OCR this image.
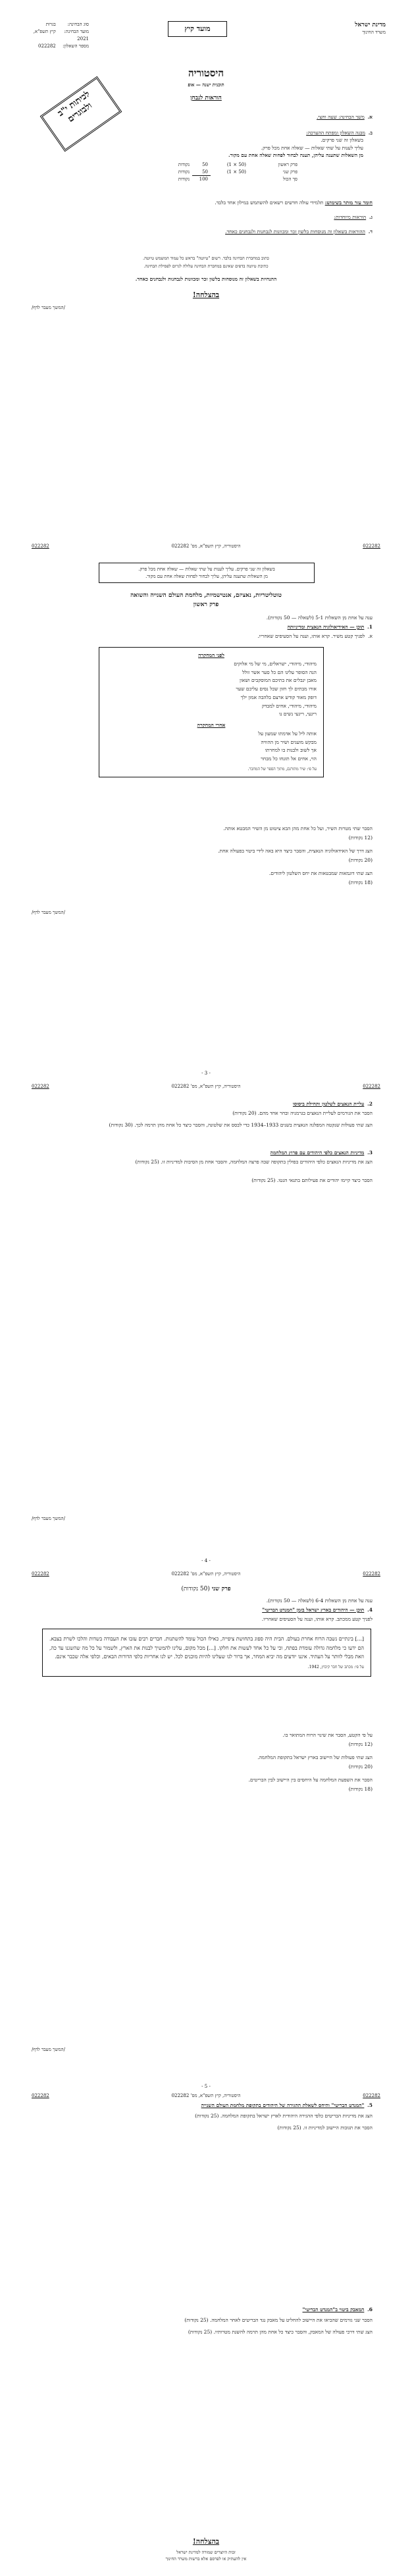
מדינת ישראל
משרד החינוך
מועד קיץ
סוג הבחינה: בגרות
מועד הבחינה: קיץ תשפ"א, 2021
מספר השאלון: 022282
לכיתות י"ב ולבוגרים
היסטוריה
תוכנית ישנה — אופ
הוראות לנבחן
א.  משך הבחינה: שעה וחצי.
ב.  מבנה השאלון ומפתח ההערכה:
בשאלון זה שני פרקים.
עליך לענות על שתי שאלות — שאלה אחת מכל פרק.
מן השאלות שתענה עליהן, תענה לבחור לפחות שאלה אחת עם מקור.
פרק ראשון	(50 × 1)	50	נקודות
פרק שני	(50 × 1)	50	נקודות
סך הכול		100	נקודות
חומר עזר מותר בשימוש: תלמידי עולה חדשים רשאים להשתמש במילון אחד בלבד.
ג.  הוראות מיוחדות:
ד.  ההוראות בשאלון זה מנוסחות בלשון זכר ומכוונות לנבחנות ולנבחנים כאחד.
כתוב במחברת הבחינה בלבד. רשום "טיוטה" בראש כל עמוד המשמש טיוטה.
כתיבת טיוטה בדפים שאינם במחברת הבחינה עלולה לגרום לפסילת הבחינה.
ההנחיות בשאלון זה מנוסחות בלשון זכר ומכוונות לנבחנות ולנבחנים כאחד.
בהצלחה!
/המשך מעבר לדף/
022282	היסטוריה, קיץ תשפ"א, מס' 022282	022282
בשאלון זה שני פרקים. עליך לענות על שתי שאלות — שאלה אחת מכל פרק.
מן השאלות שתענה עליהן, עליך לבחור לפחות שאלה אחת עם מקור.
טוטליטריות, נאציזם, אנטישמיות, מלחמת העולם השנייה והשואה
פרק ראשון
ענה על אחת מן השאלות 5-1 (לשאלה — 50 נקודות).
1.  תוכן — האידיאולוגיה הנאצית ומדיניותה
א.  לפניך קטע משיר. קרא אותו, וענה על הסעיפים שאחריו.
לפני המחקרה
מיהודי, מיהודי, ישראלים, מי של מי אלוקים
הנה הסופר עלינו הם כל סער אשר זולל
מאבן יגבלים את בתיכם המוסקבים ושאון
אורו מבתים לך חזון שכל נסים עליכם שער
דופק מאוד קודש ארצם בלהבה אמון ילך
מיהודי, מיהודי, אחים למבדק
ריגעי, ריגעי נשים נו
אחרי המחקרה
אותה ליל על אדמתו שמעון על
מבקש מועגים ושיר מן ההוויה
אך לשוב ולבנות בו למחרתו
הוי, אחים אל תזנחו כל מבחר
על פי: שיר מתורגם, מתוך הספר של המחבר.
הסבר שתי מטרות השיר, ועל כל אחת מהן הבא ציטוט מן השיר המבטא אותה.
(12 נקודות)
הצג דרך של האידאולוגיה הנאצית, והסבר כיצד היא באה לידי ביטוי בפעולה אחת.
(20 נקודות)
הצג שתי דוגמאות שמבטאות את יחס השלטון ליהודים.
(18 נקודות)
/המשך מעבר לדף/
022282	היסטוריה, קיץ תשפ"א, מס' 022282	022282
- 3 -
2.  עליית הנאצים לשלטון ותחילת ביסוסו
הסבר את הגורמים לעליית הנאצים בגרמניה ובחר אחד מהם. (20 נקודות)
הצג שתי פעולות שנקטה המפלגה הנאצית בשנים 1933–1934 כדי לבסס את שלטונה, והסבר כיצד כל אחת מהן תרמה לכך. (30 נקודות)
3.  מדיניות הנאצים כלפי היהודים עם פרוץ המלחמה
הצג את מדיניות הנאצים כלפי היהודים בפולין בתקופה שבה פרצה המלחמה, והסבר אחת מן הסיבות למדיניות זו. (25 נקודות)
הסבר כיצד קיימו יהודים את פעילותם בתנאי הגטו. (25 נקודות)
/המשך מעבר לדף/
022282	היסטוריה, קיץ תשפ"א, מס' 022282	022282
- 4 -
פרק שני (50 נקודות)
ענה על אחת מן השאלות 6-4 (לשאלה — 50 נקודות).
4.  תוכן — היהודים בארץ ישראל בזמן "המנדט הבריטי"
לפניך קטע ממכתב. קרא אותו, וענה על הסעיפים שאחריו.
[...] בינתיים נשבה הרוח אחרת בעולם. הבית היה ספוג בתחושת ציפייה, כאילו הכול עומד להשתנות. חברים רבים עזבו את העבודה בשדות והלכו לשרת בצבא. הם ידעו כי מלחמה גדולה עומדת בפתח, וכי על כל אחד לעשות את חלקו. [...] מכל מקום, עלינו להמשיך לבנות את הארץ, ולשמור על כל מה שהשגנו עד כה, וזאת מבלי לוותר על העתיד. איננו יודעים מה יביא המחר, אך ברור לנו שעלינו להיות מוכנים לכל. יש לנו אחריות כלפי הדורות הבאים, וכלפי אלה שכבר אינם.
על פי: מכתב של חבר קיבוץ, 1942.
על פי הקטע, הסבר את שינוי הרוח המתואר בו.
(12 נקודות)
הצג שתי פעולות של היישוב בארץ ישראל בתקופת המלחמה.
(20 נקודות)
הסבר את השפעת המלחמה על היחסים בין היישוב לבין הבריטים.
(18 נקודות)
/המשך מעבר לדף/
022282	היסטוריה, קיץ תשפ"א, מס' 022282	022282
- 5 -
5.  "המנדט הבריטי" והיחס לשאלת ההגירה של היהודים בתקופת מלחמת העולם השנייה
הצג את מדיניות הבריטים כלפי ההגירה היהודית לארץ ישראל בתקופת המלחמה. (25 נקודות)
הסבר את תגובות היישוב למדיניות זו. (25 נקודות)
6.  המאבק ביטוי ב"המנדט הבריטי"
הסבר שני גורמים שהביאו את היישוב להחליט על מאבק נגד הבריטים לאחר המלחמה. (25 נקודות)
הצג שתי דרכי פעולה של המאבק, והסבר כיצד כל אחת מהן תרמה להשגת מטרותיו. (25 נקודות)
בהצלחה!
זכות היוצרים שמורה למדינת ישראל
אין להעתיק או לפרסם אלא ברשות משרד החינוך
